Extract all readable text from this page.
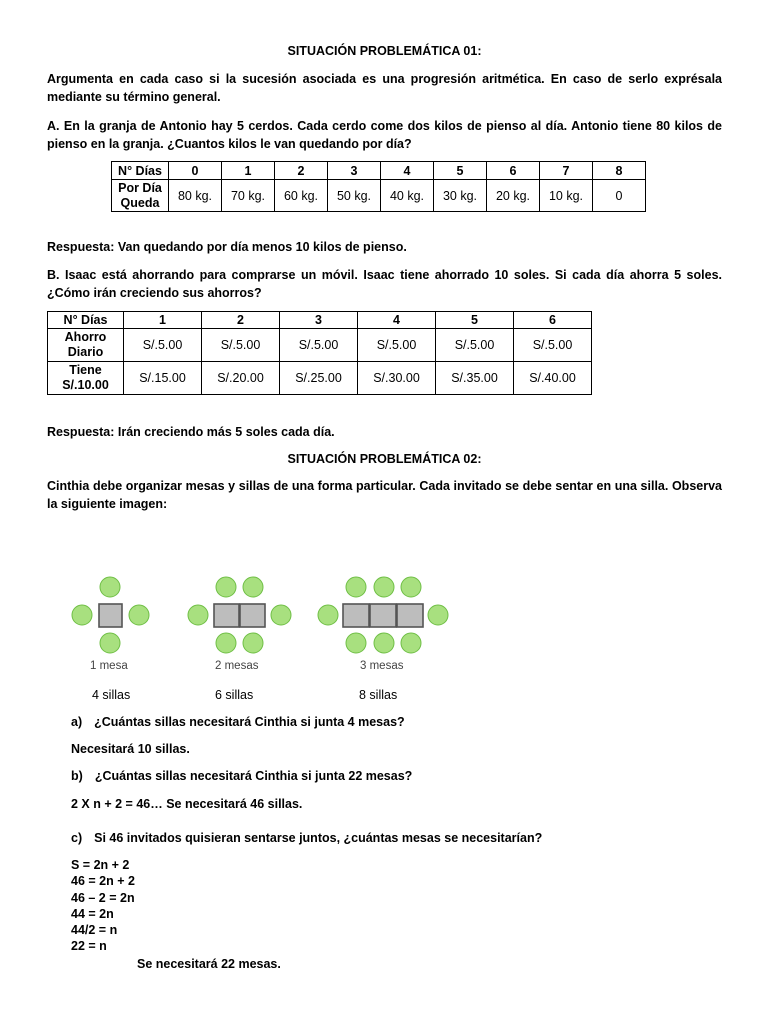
SITUACIÓN PROBLEMÁTICA 01:
Argumenta en cada caso si la sucesión asociada es una progresión aritmética. En caso de serlo exprésala mediante su término general.
A. En la granja de Antonio hay 5 cerdos. Cada cerdo come dos kilos de pienso al día. Antonio tiene 80 kilos de pienso en la granja. ¿Cuantos kilos le van quedando por día?
N° Días	0	1	2	3	4	5	6	7	8

Por Día
Queda	80 kg.	70 kg.	60 kg.	50 kg.	40 kg.	30 kg.	20 kg.	10 kg.	0
Respuesta: Van quedando por día menos 10 kilos de pienso.
B. Isaac está ahorrando para comprarse un móvil. Isaac tiene ahorrado 10 soles. Si cada día ahorra 5 soles. ¿Cómo irán creciendo sus ahorros?
N° Días	1	2	3	4	5	6

Ahorro
Diario	S/.5.00	S/.5.00	S/.5.00	S/.5.00	S/.5.00	S/.5.00

Tiene
S/.10.00	S/.15.00	S/.20.00	S/.25.00	S/.30.00	S/.35.00	S/.40.00
Respuesta: Irán creciendo más 5 soles cada día.
SITUACIÓN PROBLEMÁTICA 02:
Cinthia debe organizar mesas y sillas de una forma particular. Cada invitado se debe sentar en una silla. Observa la siguiente imagen:
1 mesa	2 mesas	3 mesas
4 sillas	6 sillas	8 sillas
a) ¿Cuántas sillas necesitará Cinthia si junta 4 mesas?
Necesitará 10 sillas.
b) ¿Cuántas sillas necesitará Cinthia si junta 22 mesas?
2 X n + 2 = 46… Se necesitará 46 sillas.
c) Si 46 invitados quisieran sentarse juntos, ¿cuántas mesas se necesitarían?
S = 2n + 2
46 = 2n + 2
46 – 2 = 2n
44 = 2n
44/2 = n
22 = n
Se necesitará 22 mesas.
